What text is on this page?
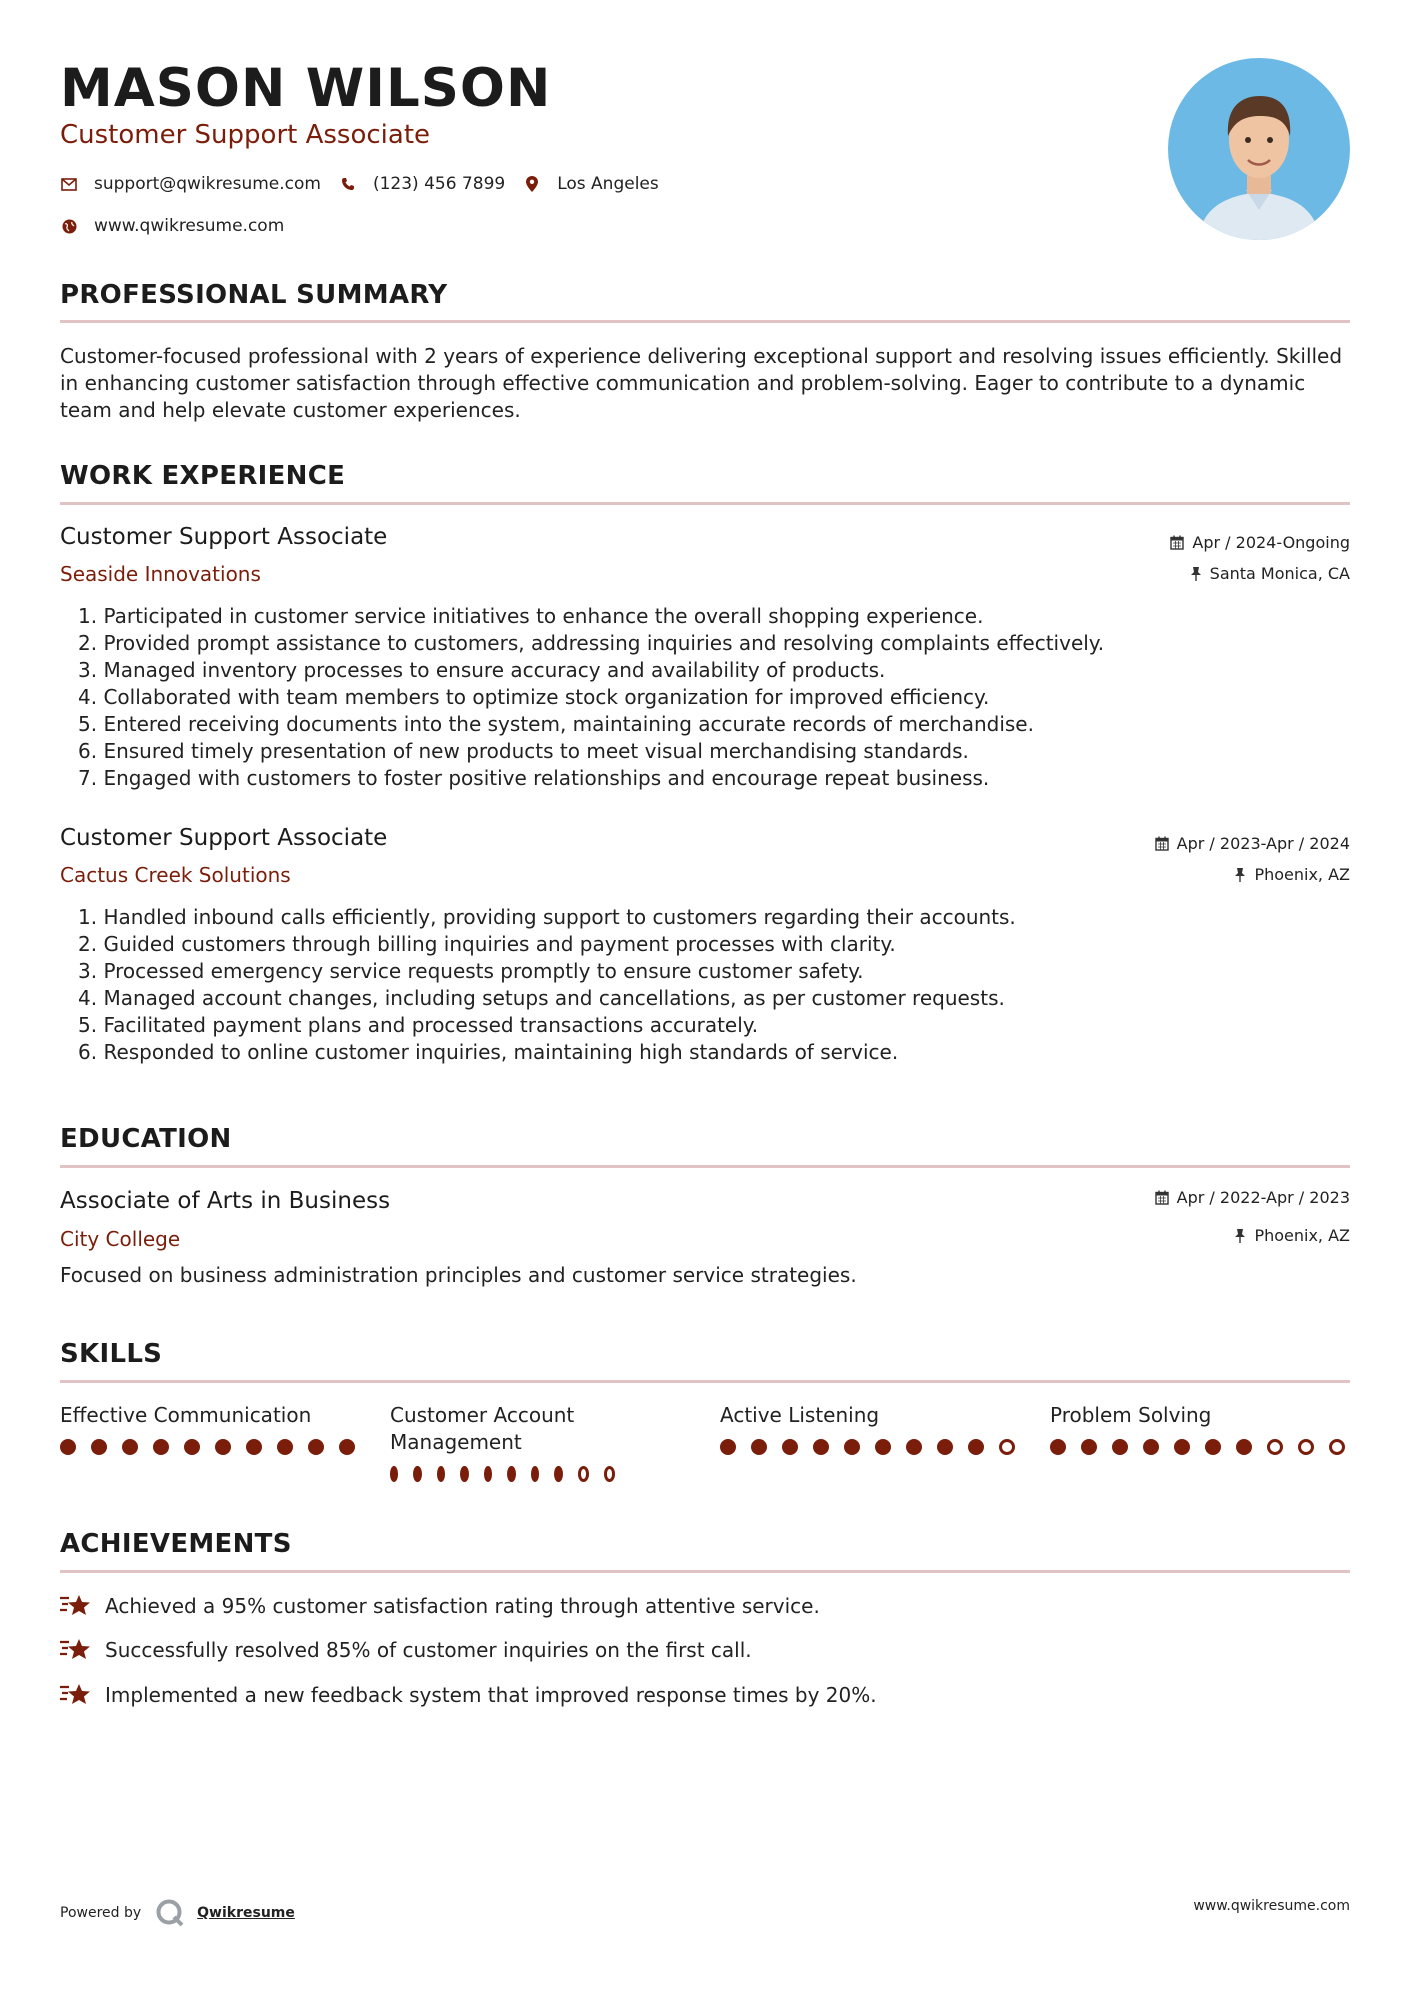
MASON WILSON
Customer Support Associate
support@qwikresume.com	(123) 456 7899	Los Angeles
www.qwikresume.com
PROFESSIONAL SUMMARY
Customer-focused professional with 2 years of experience delivering exceptional support and resolving issues efficiently. Skilled in enhancing customer satisfaction through effective communication and problem-solving. Eager to contribute to a dynamic team and help elevate customer experiences.
WORK EXPERIENCE
Customer Support Associate
Seaside Innovations
Apr / 2024-Ongoing
Santa Monica, CA
1. Participated in customer service initiatives to enhance the overall shopping experience.
2. Provided prompt assistance to customers, addressing inquiries and resolving complaints effectively.
3. Managed inventory processes to ensure accuracy and availability of products.
4. Collaborated with team members to optimize stock organization for improved efficiency.
5. Entered receiving documents into the system, maintaining accurate records of merchandise.
6. Ensured timely presentation of new products to meet visual merchandising standards.
7. Engaged with customers to foster positive relationships and encourage repeat business.
Customer Support Associate
Cactus Creek Solutions
Apr / 2023-Apr / 2024
Phoenix, AZ
1. Handled inbound calls efficiently, providing support to customers regarding their accounts.
2. Guided customers through billing inquiries and payment processes with clarity.
3. Processed emergency service requests promptly to ensure customer safety.
4. Managed account changes, including setups and cancellations, as per customer requests.
5. Facilitated payment plans and processed transactions accurately.
6. Responded to online customer inquiries, maintaining high standards of service.
EDUCATION
Associate of Arts in Business
City College
Apr / 2022-Apr / 2023
Phoenix, AZ
Focused on business administration principles and customer service strategies.
SKILLS
Effective Communication	Customer Account Management
Active Listening	Problem Solving
ACHIEVEMENTS
Achieved a 95% customer satisfaction rating through attentive service.
Successfully resolved 85% of customer inquiries on the first call.
Implemented a new feedback system that improved response times by 20%.
Powered by	Qwikresume	www.qwikresume.com
